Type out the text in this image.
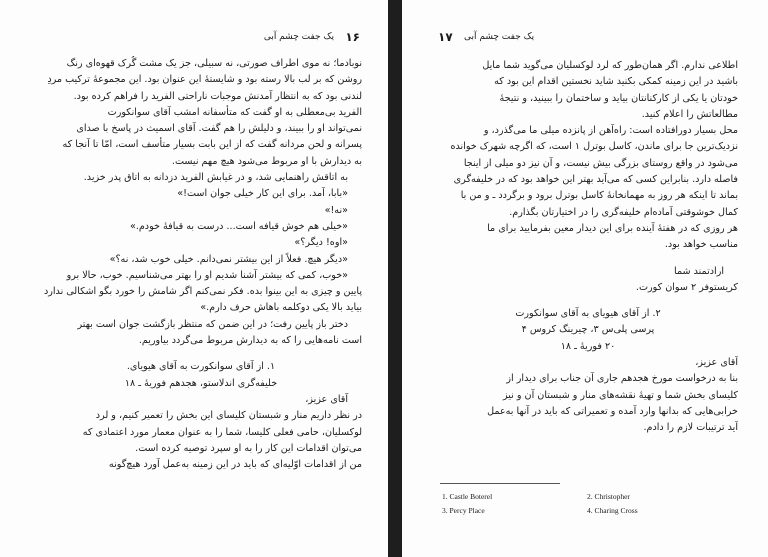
یک جفت چشم آبی ۱۶
نوبادما؛ نه موی اطراف صورتی، نه سبیلی، جز یک مشت گُرک قهوه‌ای رنگ
روشن که بر لب بالا رسته بود و شایستهٔ این عنوان بود. این مجموعهٔ ترکیب مردِ
لندنی بود که به انتظار آمدنش موجبات ناراحتی الفرید را فراهم کرده بود.
الفرید بی‌معطلی به او گفت که متأسفانه امشب آقای سوانکورت
نمی‌تواند او را ببیند، و دلیلش را هم گفت. آقای اسمیث در پاسخ با صدای
پسرانه و لحن مردانه گفت که از این بابت بسیار متأسف است، امّا تا آنجا که
به دیدارش با او مربوط می‌شود هیچ مهم نیست.
به اتاقش راهنمایی شد، و در غیابش الفرید دزدانه به اتاق پدر خزید.
«بابا، آمد. برای این کار خیلی جوان است!»
«نه!»
«خیلی هم خوش قیافه است... درست به قیافهٔ خودم.»
«اوه! دیگر؟»
«دیگر هیچ. فعلاً از این بیشتر نمی‌دانم. خیلی خوب شد، نه؟»
«خوب، کمی که بیشتر آشنا شدیم او را بهتر می‌شناسیم. خوب، حالا برو
پایین و چیزی به این بینوا بده. فکر نمی‌کنم اگر شامش را خورد بگو اشکالی ندارد
بیاید بالا یکی دوکلمه باهاش حرف دارم.»
دختر باز پایین رفت؛ در این ضمن که منتظر بازگشت جوان است بهتر
است نامه‌هایی را که به دیدارش مربوط می‌گردد بیاوریم.
۱. از آقای سوانکورت به آقای هیویای.
خلیفه‌گری اندلاستو، هجدهم فوریهٔ ـ ۱۸
آقای عزیز،
در نظر داریم منار و شبستان کلیسای این بخش را تعمیر کنیم، و لرد
لوکسلیان، حامی فعلی کلیسا، شما را به عنوان معمار مورد اعتمادی که
می‌توان اقدامات این کار را به او سپرد توصیه کرده است.
من از اقدامات اوّلیه‌ای که باید در این زمینه به‌عمل آورد هیچ‌گونه
۱۷ یک جفت چشم آبی
اطلاعی ندارم. اگر همان‌طور که لرد لوکسلیان می‌گوید شما مایل
باشید در این زمینه کمکی بکنید شاید نخستین اقدام این بود که
خودتان یا یکی از کارکنانتان بیاید و ساختمان را ببینید، و نتیجهٔ
مطالعاتش را اعلام کنید.
محل بسیار دورافتاده است: راه‌آهن از پانزده میلی ما می‌گذرد، و
نزدیک‌ترین جا برای ماندن، کاسل بوترل ۱ است، که اگرچه شهرک خوانده
می‌شود در واقع روستای بزرگی بیش نیست، و آن نیز دو میلی از اینجا
فاصله دارد. بنابراین کسی که می‌آید بهتر این خواهد بود که در خلیفه‌گری
بماند تا اینکه هر روز به مهمانخانهٔ کاسل بوترل برود و برگردد ـ و من با
کمال خوشوقتی آماده‌ام خلیفه‌گری را در اختیارتان بگذارم.
هر روزی که در هفتهٔ آینده برای این دیدار معین بفرمایید برای ما
مناسب خواهد بود.
ارادتمند شما
کریستوفر ۲ سوان کورت.
۲. از آقای هیویای به آقای سوانکورت
پرسی پلی‌س ۳، چیرینگ کروس ۴
۲۰ فوریهٔ ـ ۱۸
آقای عزیز،
بنا به درخواست مورخ هجدهم جاری آن جناب برای دیدار از
کلیسای بخش شما و تهیهٔ نقشه‌های منار و شبستان آن و نیز
خرابی‌هایی که بدانها وارد آمده و تعمیراتی که باید در آنها به‌عمل
آید ترتیبات لازم را دادم.
1. Castle Boterel	2. Christopher
3. Percy Place	4. Charing Cross
